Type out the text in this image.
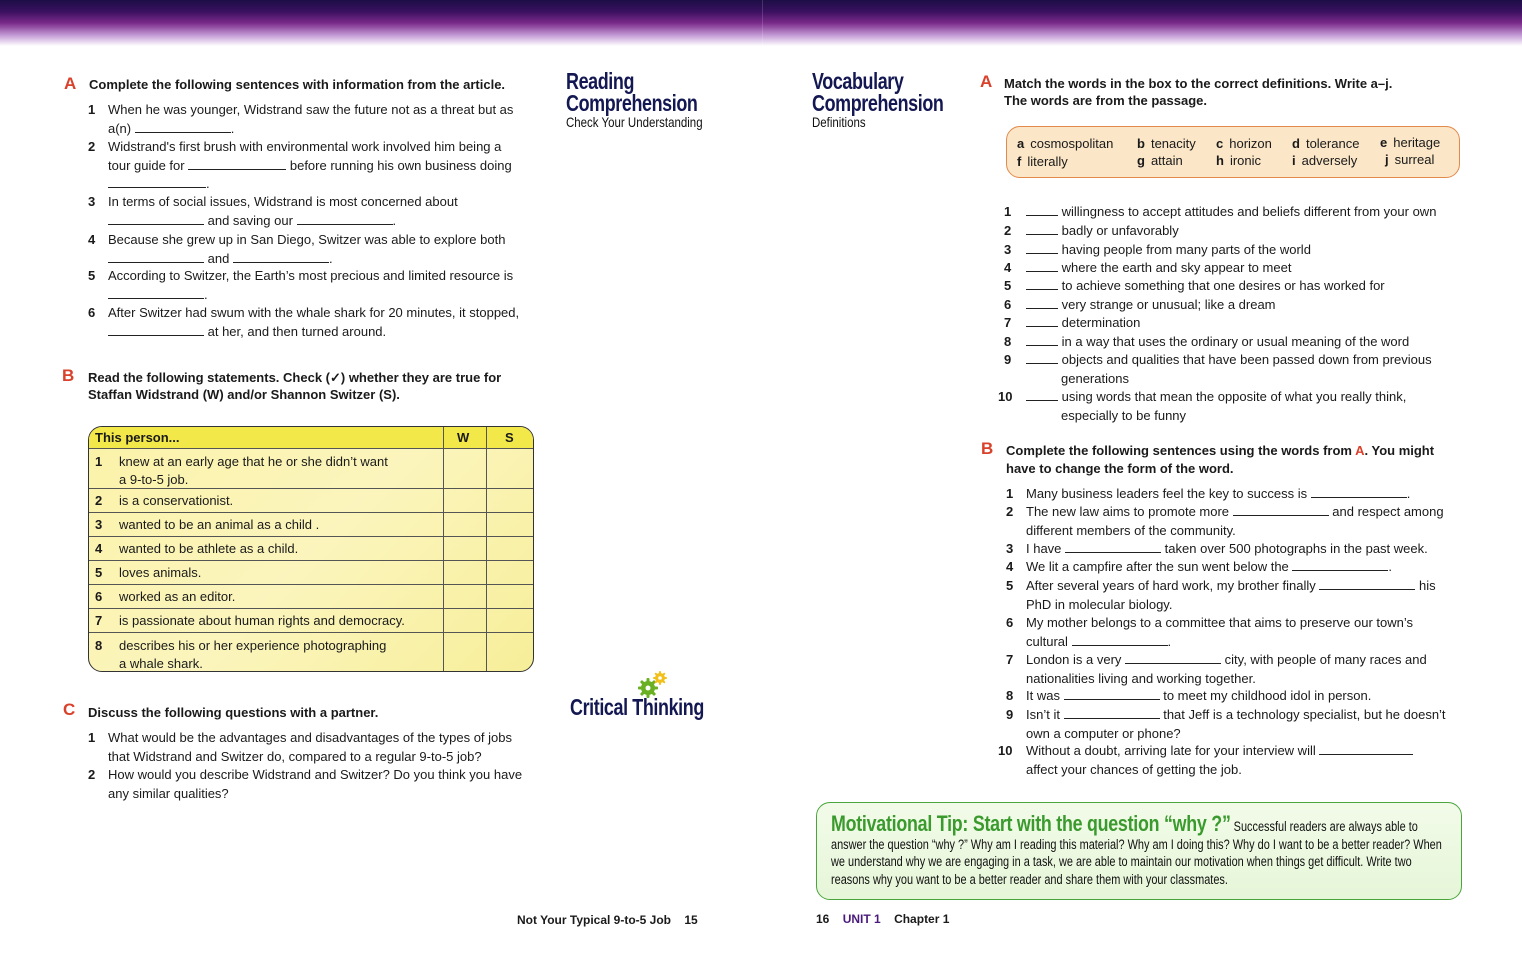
A Complete the following sentences with information from the article.
1 When he was younger, Widstrand saw the future not as a threat but as
a(n)	.
2 Widstrand's first brush with environmental work involved him being a
tour guide for	before running his own business doing
.
3 In terms of social issues, Widstrand is most concerned about
and saving our	.
4 Because she grew up in San Diego, Switzer was able to explore both
and	.
5 According to Switzer, the Earth’s most precious and limited resource is
.
6 After Switzer had swum with the whale shark for 20 minutes, it stopped,
at her, and then turned around.
B Read the following statements. Check (✓) whether they are true for
Staffan Widstrand (W) and/or Shannon Switzer (S).
This person...	W	S
1 knew at an early age that he or she didn’t want
a 9-to-5 job.
2 is a conservationist.
3 wanted to be an animal as a child .
4 wanted to be athlete as a child.
5 loves animals.
6 worked as an editor.
7 is passionate about human rights and democracy.
8 describes his or her experience photographing
a whale shark.
C Discuss the following questions with a partner.
1 What would be the advantages and disadvantages of the types of jobs
that Widstrand and Switzer do, compared to a regular 9-to-5 job?
2 How would you describe Widstrand and Switzer? Do you think you have
any similar qualities?
Reading
Comprehension
Check Your Understanding
Critical Thinking
Not Your Typical 9-to-5 Job 15
Vocabulary
Comprehension
Definitions
A Match the words in the box to the correct definitions. Write a–j.
The words are from the passage.
a cosmospolitan b tenacity c horizon d tolerance e heritage
f literally	g attain	h ironic i adversely j surreal
1	willingness to accept attitudes and beliefs different from your own
2	badly or unfavorably
3	having people from many parts of the world
4	where the earth and sky appear to meet
5	to achieve something that one desires or has worked for
6	very strange or unusual; like a dream
7	determination
8	in a way that uses the ordinary or usual meaning of the word
9	objects and qualities that have been passed down from previous
generations
10	using words that mean the opposite of what you really think,
especially to be funny
B Complete the following sentences using the words from A. You might
have to change the form of the word.
1 Many business leaders feel the key to success is	.
2 The new law aims to promote more	and respect among
different members of the community.
3 I have	taken over 500 photographs in the past week.
4 We lit a campfire after the sun went below the	.
5 After several years of hard work, my brother finally	his
PhD in molecular biology.
6 My mother belongs to a committee that aims to preserve our town’s
cultural	.
7 London is a very	city, with people of many races and
nationalities living and working together.
8 It was	to meet my childhood idol in person.
9 Isn’t it	that Jeff is a technology specialist, but he doesn’t
own a computer or phone?
10 Without a doubt, arriving late for your interview will
affect your chances of getting the job.
Motivational Tip: Start with the question “why ?” Successful readers are always able to answer the question “why ?” Why am I reading this material? Why am I doing this? Why do I want to be a better reader? When we understand why we are engaging in a task, we are able to maintain our motivation when things get difficult. Write two reasons why you want to be a better reader and share them with your classmates.
16 UNIT 1 Chapter 1
